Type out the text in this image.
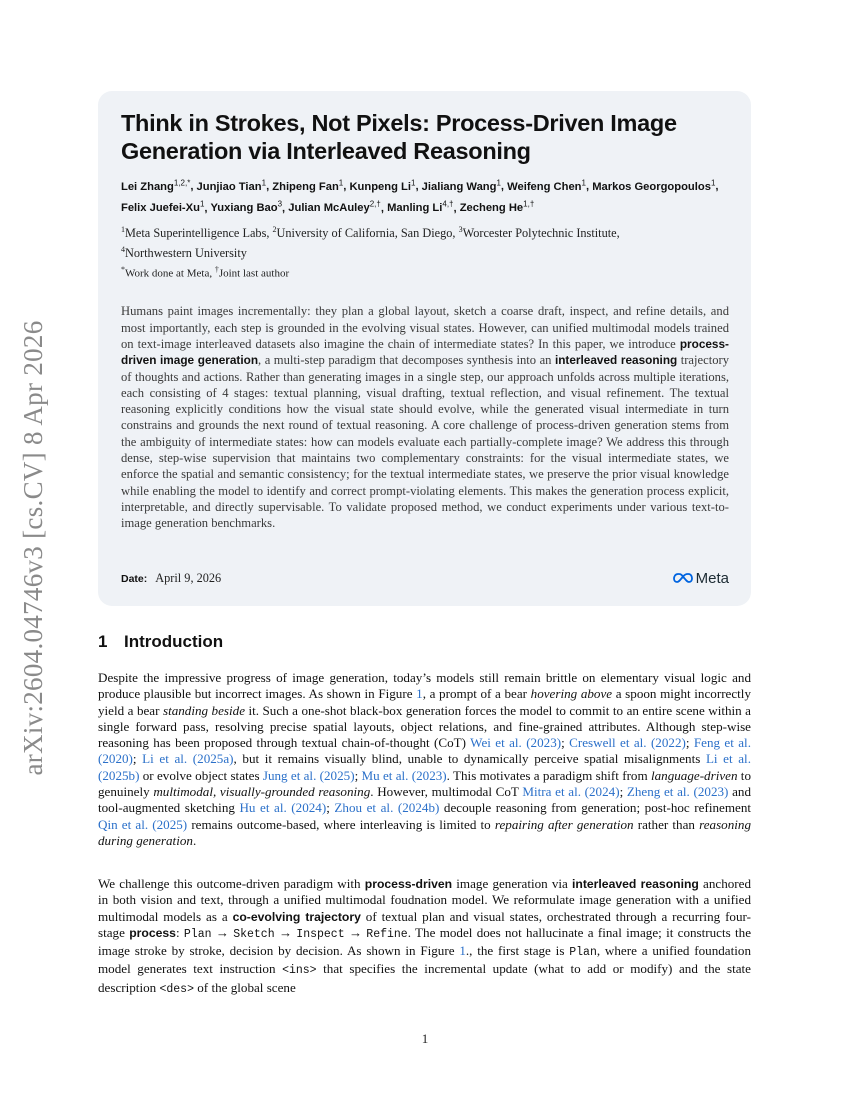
arXiv:2604.04746v3 [cs.CV] 8 Apr 2026
Think in Strokes, Not Pixels: Process-Driven Image Generation via Interleaved Reasoning
Lei Zhang$^{1,2,*}$, Junjiao Tian$^1$, Zhipeng Fan$^1$, Kunpeng Li$^1$, Jialiang Wang$^1$, Weifeng Chen$^1$, Markos Georgopoulos$^1$, Felix Juefei-Xu$^1$, Yuxiang Bao$^3$, Julian McAuley$^{2,\dagger}$, Manling $Li^{4,\dagger}$, Zecheng $He^{1,\dagger}$
$^1$Meta Superintelligence Labs, $^2$University of California, San Diego, $^3$Worcester Polytechnic Institute,
$^4$Northwestern University
*Work done at Meta, †Joint last author
Humans paint images incrementally: they plan a global layout, sketch a coarse draft, inspect, and refine details, and most importantly, each step is grounded in the evolving visual states. However, can unified multimodal models trained on text-image interleaved datasets also imagine the chain of intermediate states? In this paper, we introduce process-driven image generation, a multi-step paradigm that decomposes synthesis into an interleaved reasoning trajectory of thoughts and actions. Rather than generating images in a single step, our approach unfolds across multiple iterations, each consisting of 4 stages: textual planning, visual drafting, textual reflection, and visual refinement. The textual reasoning explicitly conditions how the visual state should evolve, while the generated visual intermediate in turn constrains and grounds the next round of textual reasoning. A core challenge of process-driven generation stems from the ambiguity of intermediate states: how can models evaluate each partially-complete image? We address this through dense, step-wise supervision that maintains two complementary constraints: for the visual intermediate states, we enforce the spatial and semantic consistency; for the textual intermediate states, we preserve the prior visual knowledge while enabling the model to identify and correct prompt-violating elements. This makes the generation process explicit, interpretable, and directly supervisable. To validate proposed method, we conduct experiments under various text-to-image generation benchmarks.
Date: April 9, 2026	Meta
1 Introduction
Despite the impressive progress of image generation, today’s models still remain brittle on elementary visual logic and produce plausible but incorrect images. As shown in Figure 1, a prompt of a bear hovering above a spoon might incorrectly yield a bear standing beside it. Such a one-shot black-box generation forces the model to commit to an entire scene within a single forward pass, resolving precise spatial layouts, object relations, and fine-grained attributes. Although step-wise reasoning has been proposed through textual chain-of-thought (CoT) Wei et al. (2023); Creswell et al. (2022); Feng et al. (2020); Li et al. (2025a), but it remains visually blind, unable to dynamically perceive spatial misalignments Li et al. (2025b) or evolve object states Jung et al. (2025); Mu et al. (2023). This motivates a paradigm shift from language-driven to genuinely multimodal, visually-grounded reasoning. However, multimodal CoT Mitra et al. (2024); Zheng et al. (2023) and tool-augmented sketching Hu et al. (2024); Zhou et al. (2024b) decouple reasoning from generation; post-hoc refinement Qin et al. (2025) remains outcome-based, where interleaving is limited to repairing after generation rather than reasoning during generation.
We challenge this outcome-driven paradigm with process-driven image generation via interleaved reasoning anchored in both vision and text, through a unified multimodal foudnation model. We reformulate image generation with a unified multimodal models as a co-evolving trajectory of textual plan and visual states, orchestrated through a recurring four-stage process: Plan → Sketch → Inspect → Refine. The model does not hallucinate a final image; it constructs the image stroke by stroke, decision by decision. As shown in Figure 1., the first stage is Plan, where a unified foundation model generates text instruction <ins> that specifies the incremental update (what to add or modify) and the state description <des> of the global scene
1
